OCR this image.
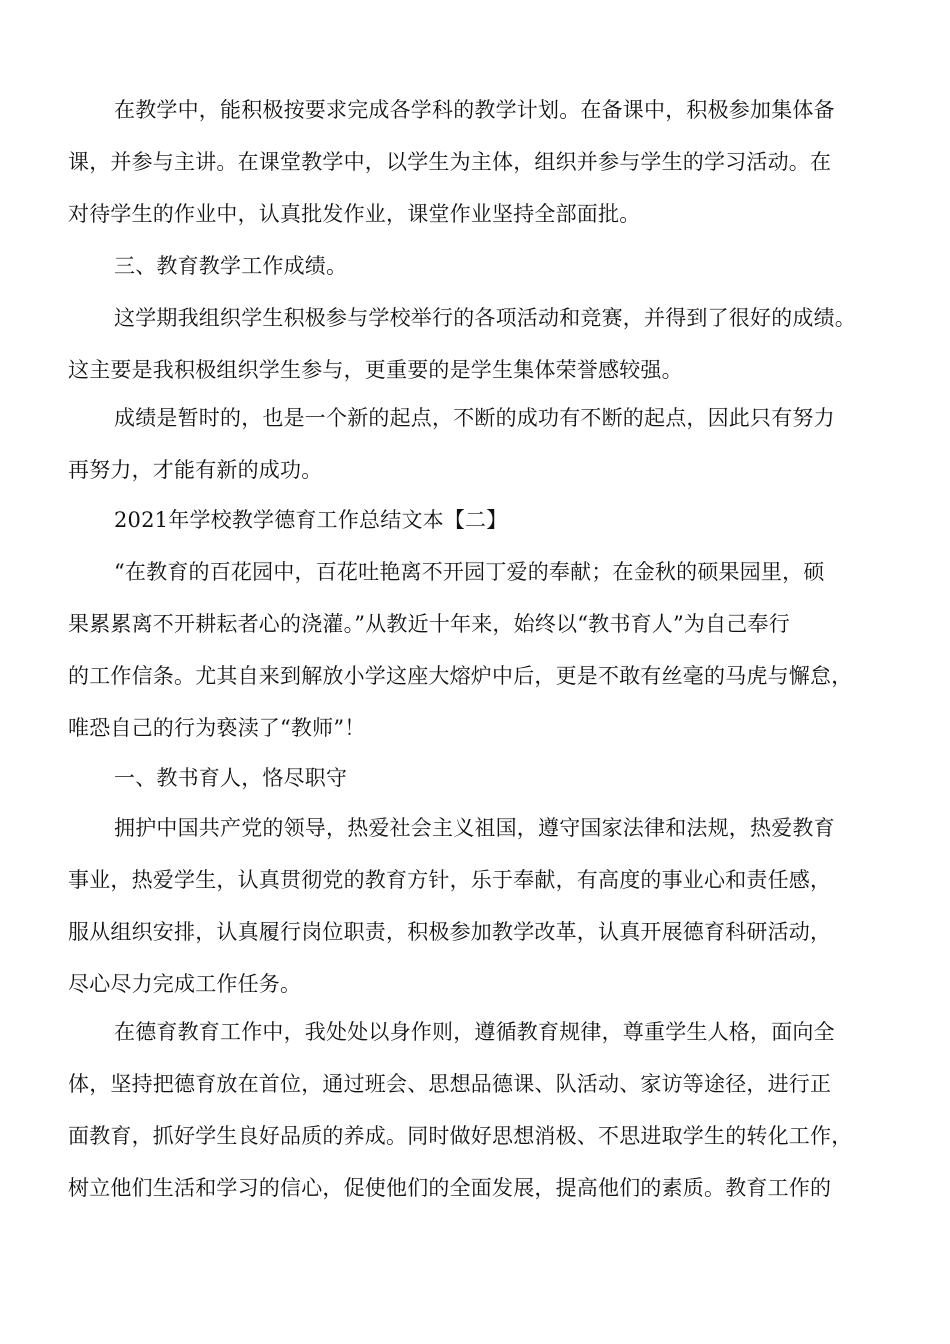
在教学中，能积极按要求完成各学科的教学计划。在备课中，积极参加集体备
课，并参与主讲。在课堂教学中，以学生为主体，组织并参与学生的学习活动。在
对待学生的作业中，认真批发作业，课堂作业坚持全部面批。
三、教育教学工作成绩。
这学期我组织学生积极参与学校举行的各项活动和竞赛，并得到了很好的成绩。
这主要是我积极组织学生参与，更重要的是学生集体荣誉感较强。
成绩是暂时的，也是一个新的起点，不断的成功有不断的起点，因此只有努力
再努力，才能有新的成功。
2021年学校教学德育工作总结文本【二】
“在教育的百花园中，百花吐艳离不开园丁爱的奉献；在金秋的硕果园里，硕
果累累离不开耕耘者心的浇灌。”从教近十年来，始终以“教书育人”为自己奉行
的工作信条。尤其自来到解放小学这座大熔炉中后，更是不敢有丝毫的马虎与懈怠，
唯恐自己的行为亵渎了“教师”！
一、教书育人，恪尽职守
拥护中国共产党的领导，热爱社会主义祖国，遵守国家法律和法规，热爱教育
事业，热爱学生，认真贯彻党的教育方针，乐于奉献，有高度的事业心和责任感，
服从组织安排，认真履行岗位职责，积极参加教学改革，认真开展德育科研活动，
尽心尽力完成工作任务。
在德育教育工作中，我处处以身作则，遵循教育规律，尊重学生人格，面向全
体，坚持把德育放在首位，通过班会、思想品德课、队活动、家访等途径，进行正
面教育，抓好学生良好品质的养成。同时做好思想消极、不思进取学生的转化工作，
树立他们生活和学习的信心，促使他们的全面发展，提高他们的素质。教育工作的
